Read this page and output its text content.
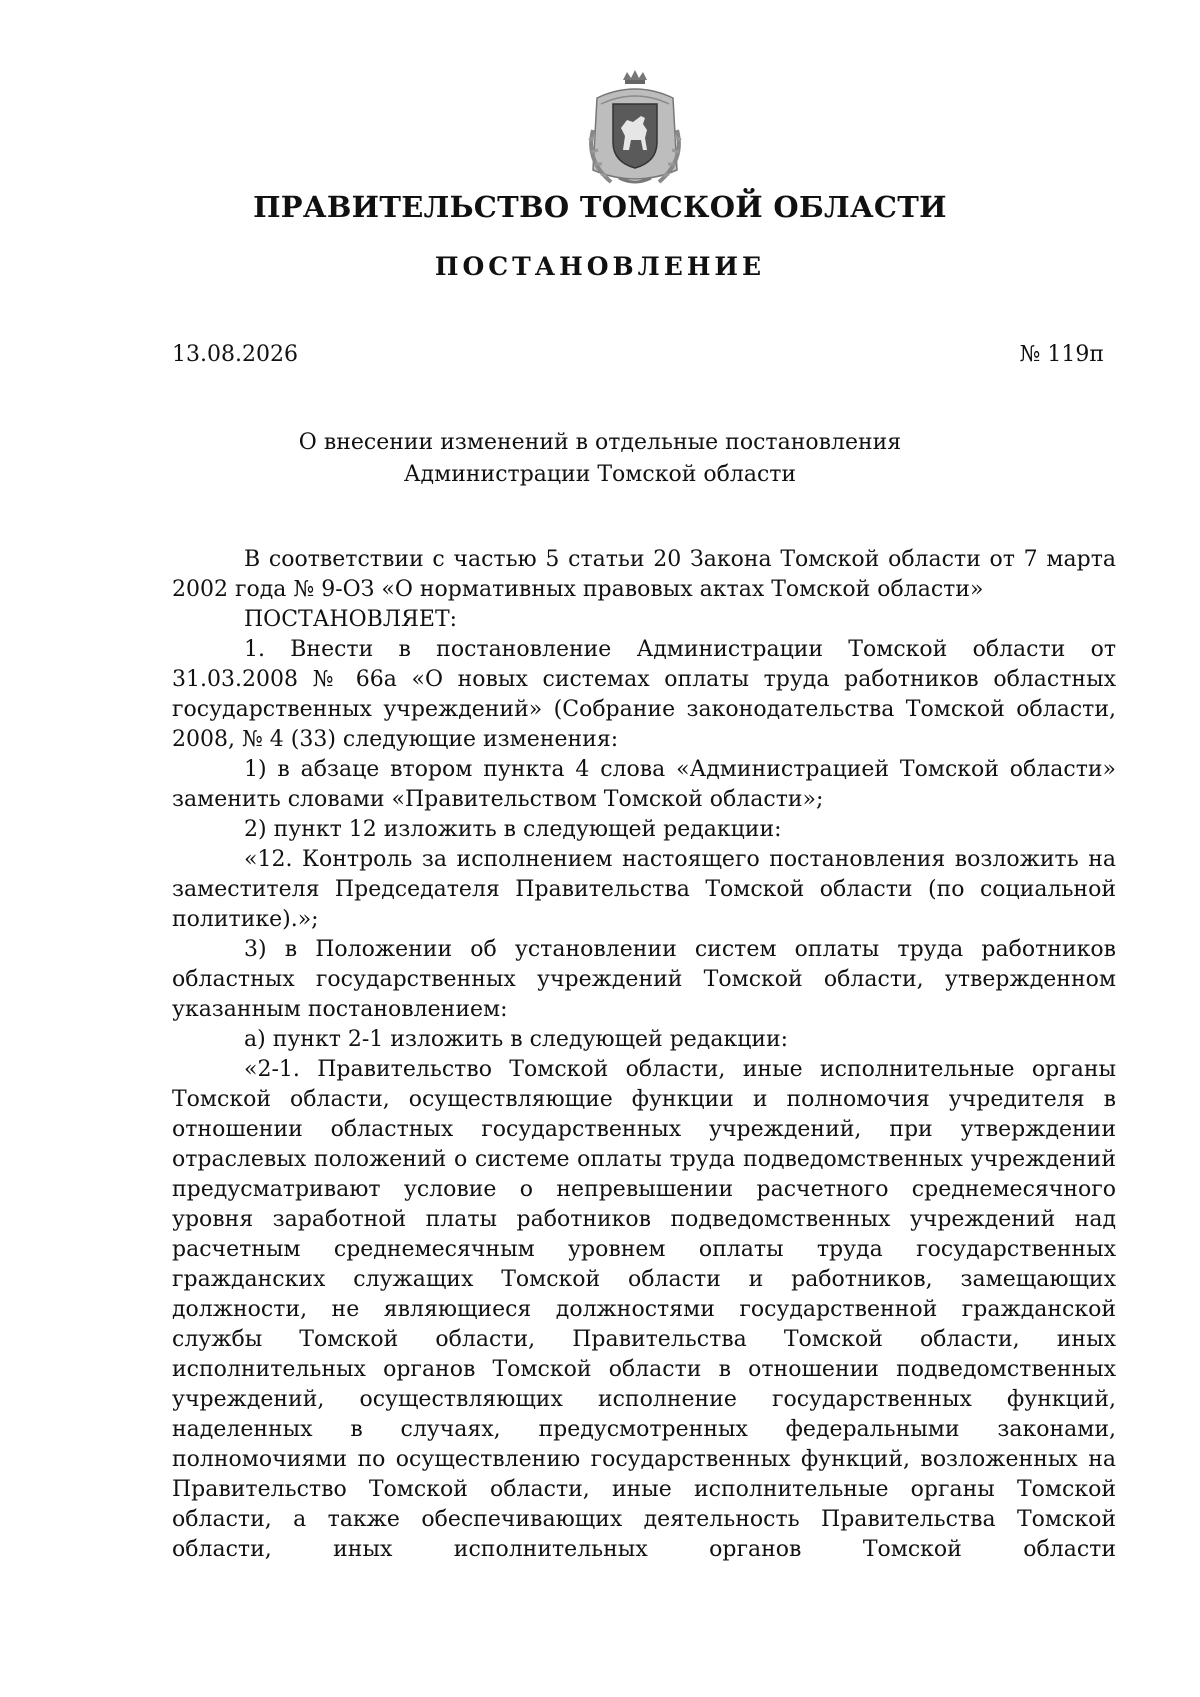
ПРАВИТЕЛЬСТВО ТОМСКОЙ ОБЛАСТИ
ПОСТАНОВЛЕНИЕ
13.08.2026	№ 119п
О внесении изменений в отдельные постановления
Администрации Томской области

В соответствии с частью 5 статьи 20 Закона Томской области от 7 марта 2002 года № 9-ОЗ «О нормативных правовых актах Томской области»

ПОСТАНОВЛЯЕТ:

1. Внести в постановление Администрации Томской области от 31.03.2008 № 66а «О новых системах оплаты труда работников областных государственных учреждений» (Собрание законодательства Томской области, 2008, № 4 (33) следующие изменения:

1) в абзаце втором пункта 4 слова «Администрацией Томской области» заменить словами «Правительством Томской области»;

2) пункт 12 изложить в следующей редакции:

«12. Контроль за исполнением настоящего постановления возложить на заместителя Председателя Правительства Томской области (по социальной политике).»;

3) в Положении об установлении систем оплаты труда работников областных государственных учреждений Томской области, утвержденном указанным постановлением:

а) пункт 2-1 изложить в следующей редакции:

«2-1. Правительство Томской области, иные исполнительные органы Томской области, осуществляющие функции и полномочия учредителя в отношении областных государственных учреждений, при утверждении отраслевых положений о системе оплаты труда подведомственных учреждений предусматривают условие о непревышении расчетного среднемесячного уровня заработной платы работников подведомственных учреждений над расчетным среднемесячным уровнем оплаты труда государственных гражданских служащих Томской области и работников, замещающих должности, не являющиеся должностями государственной гражданской службы Томской области, Правительства Томской области, иных исполнительных органов Томской области в отношении подведомственных учреждений, осуществляющих исполнение государственных функций, наделенных в случаях, предусмотренных федеральными законами, полномочиями по осуществлению государственных функций, возложенных на Правительство Томской области, иные исполнительные органы Томской области, а также обеспечивающих деятельность Правительства Томской области, иных исполнительных органов Томской области
